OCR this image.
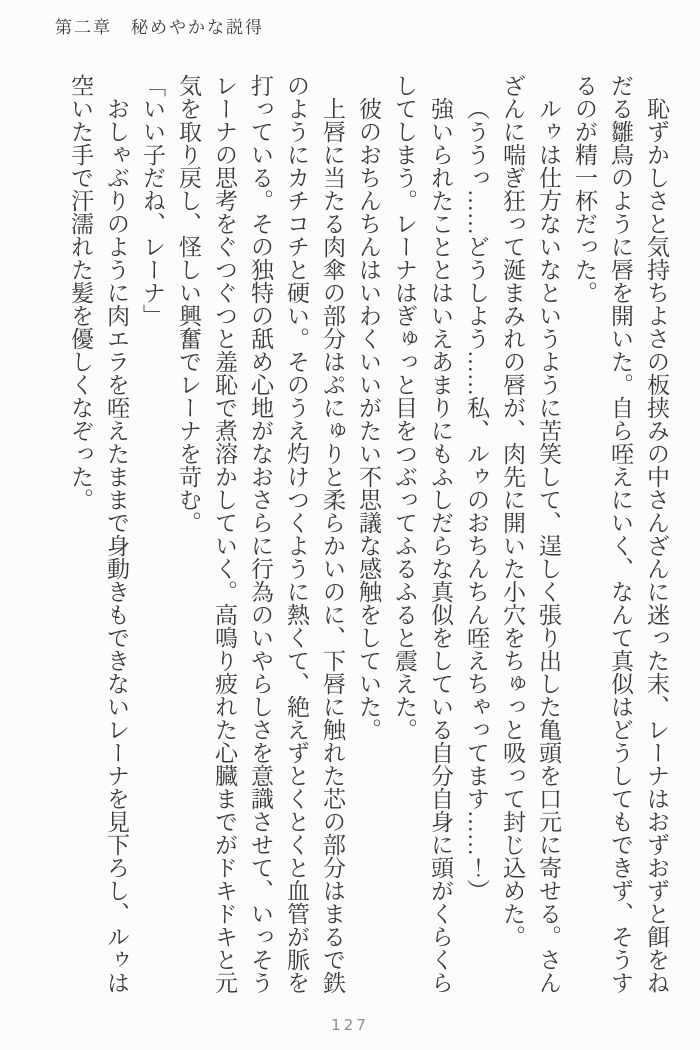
第二章　秘めやかな説得

恥ずかしさと気持ちよさの板挟みの中さんざんに迷った末、レーナはおずおずと餌をねだる雛鳥のように唇を開いた。自ら咥えにいく、なんて真似はどうしてもできず、そうするのが精一杯だった。

ルゥは仕方ないなというように苦笑して、逞しく張り出した亀頭を口元に寄せる。さんざんに喘ぎ狂って涎まみれの唇が、肉先に開いた小穴をちゅっと吸って封じ込めた。

（ううっ……どうしよう……私、ルゥのおちんちん咥えちゃってます……！）

強いられたこととはいえあまりにもふしだらな真似をしている自分自身に頭がくらくらしてしまう。レーナはぎゅっと目をつぶってふるふると震えた。

彼のおちんちんはいわくいいがたい不思議な感触をしていた。

上唇に当たる肉傘の部分はぷにゅりと柔らかいのに、下唇に触れた芯の部分はまるで鉄のようにカチコチと硬い。そのうえ灼けつくように熱くて、絶えずとくとくと血管が脈を打っている。その独特の舐め心地がなおさらに行為のいやらしさを意識させて、いっそうレーナの思考をぐつぐつと羞恥で煮溶かしていく。高鳴り疲れた心臓までがドキドキと元気を取り戻し、怪しい興奮でレーナを苛む。

「いい子だね、レーナ」

おしゃぶりのように肉エラを咥えたままで身動きもできないレーナを見下ろし、ルゥは空いた手で汗濡れた髪を優しくなぞった。

127
